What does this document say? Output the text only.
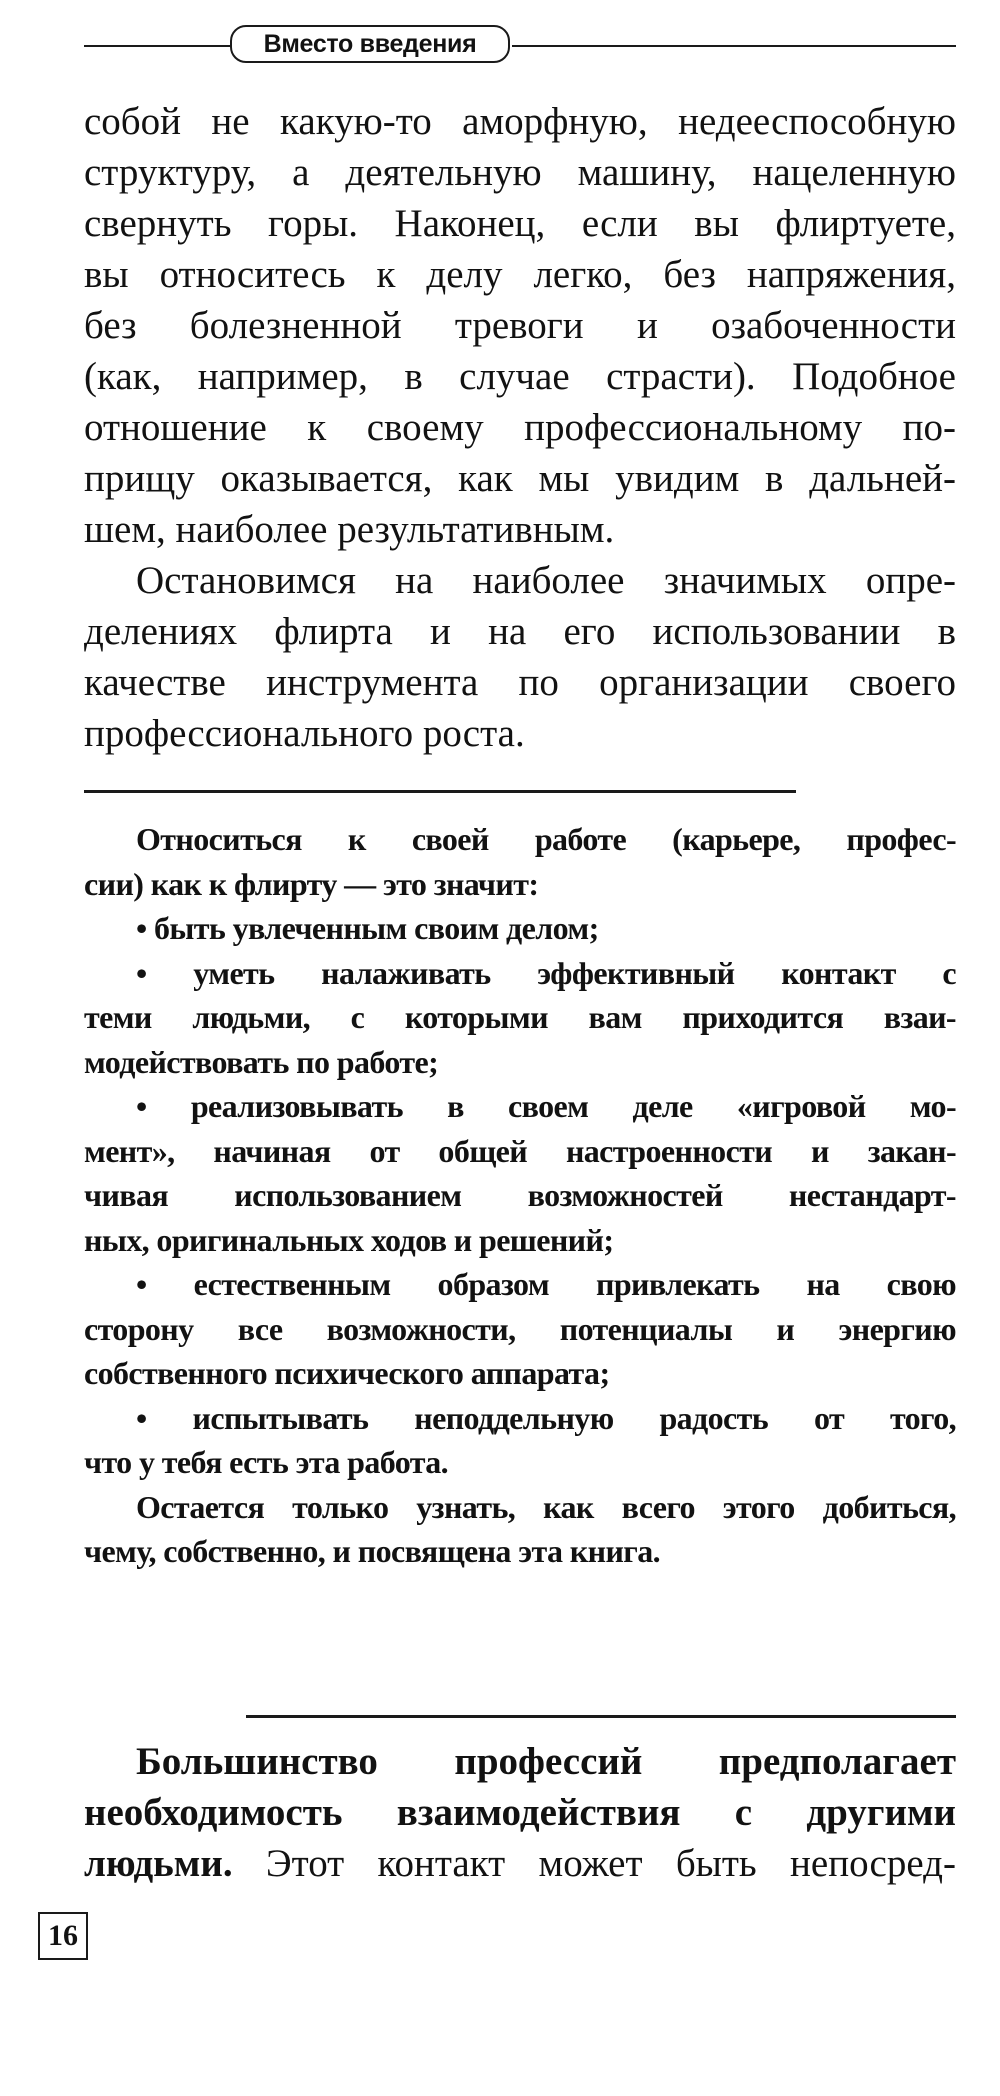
Вместо введения
собой не какую-то аморфную, недееспособную
структуру, а деятельную машину, нацеленную
свернуть горы. Наконец, если вы флиртуете,
вы относитесь к делу легко, без напряжения,
без болезненной тревоги и озабоченности
(как, например, в случае страсти). Подобное
отношение к своему профессиональному по-
прищу оказывается, как мы увидим в дальней-
шем, наиболее результативным.
Остановимся на наиболее значимых опре-
делениях флирта и на его использовании в
качестве инструмента по организации своего
профессионального роста.
Относиться к своей работе (карьере, профес-
сии) как к флирту — это значит:
• быть увлеченным своим делом;
• уметь налаживать эффективный контакт с
теми людьми, с которыми вам приходится взаи-
модействовать по работе;
• реализовывать в своем деле «игровой мо-
мент», начиная от общей настроенности и закан-
чивая использованием возможностей нестандарт-
ных, оригинальных ходов и решений;
• естественным образом привлекать на свою
сторону все возможности, потенциалы и энергию
собственного психического аппарата;
• испытывать неподдельную радость от того,
что у тебя есть эта работа.
Остается только узнать, как всего этого добиться,
чему, собственно, и посвящена эта книга.
Большинство профессий предполагает
необходимость взаимодействия с другими
людьми. Этот контакт может быть непосред-
16
